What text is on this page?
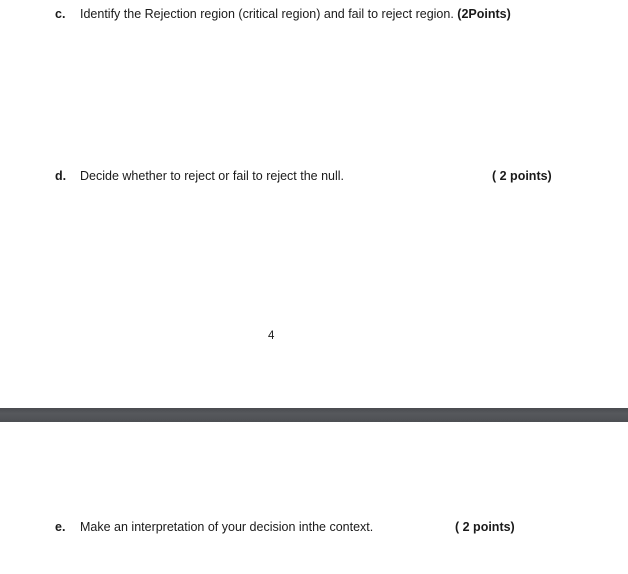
c. Identify the Rejection region (critical region) and fail to reject region. (2Points)
d. Decide whether to reject or fail to reject the null.	( 2 points)
4
e. Make an interpretation of your decision inthe context.	( 2 points)
